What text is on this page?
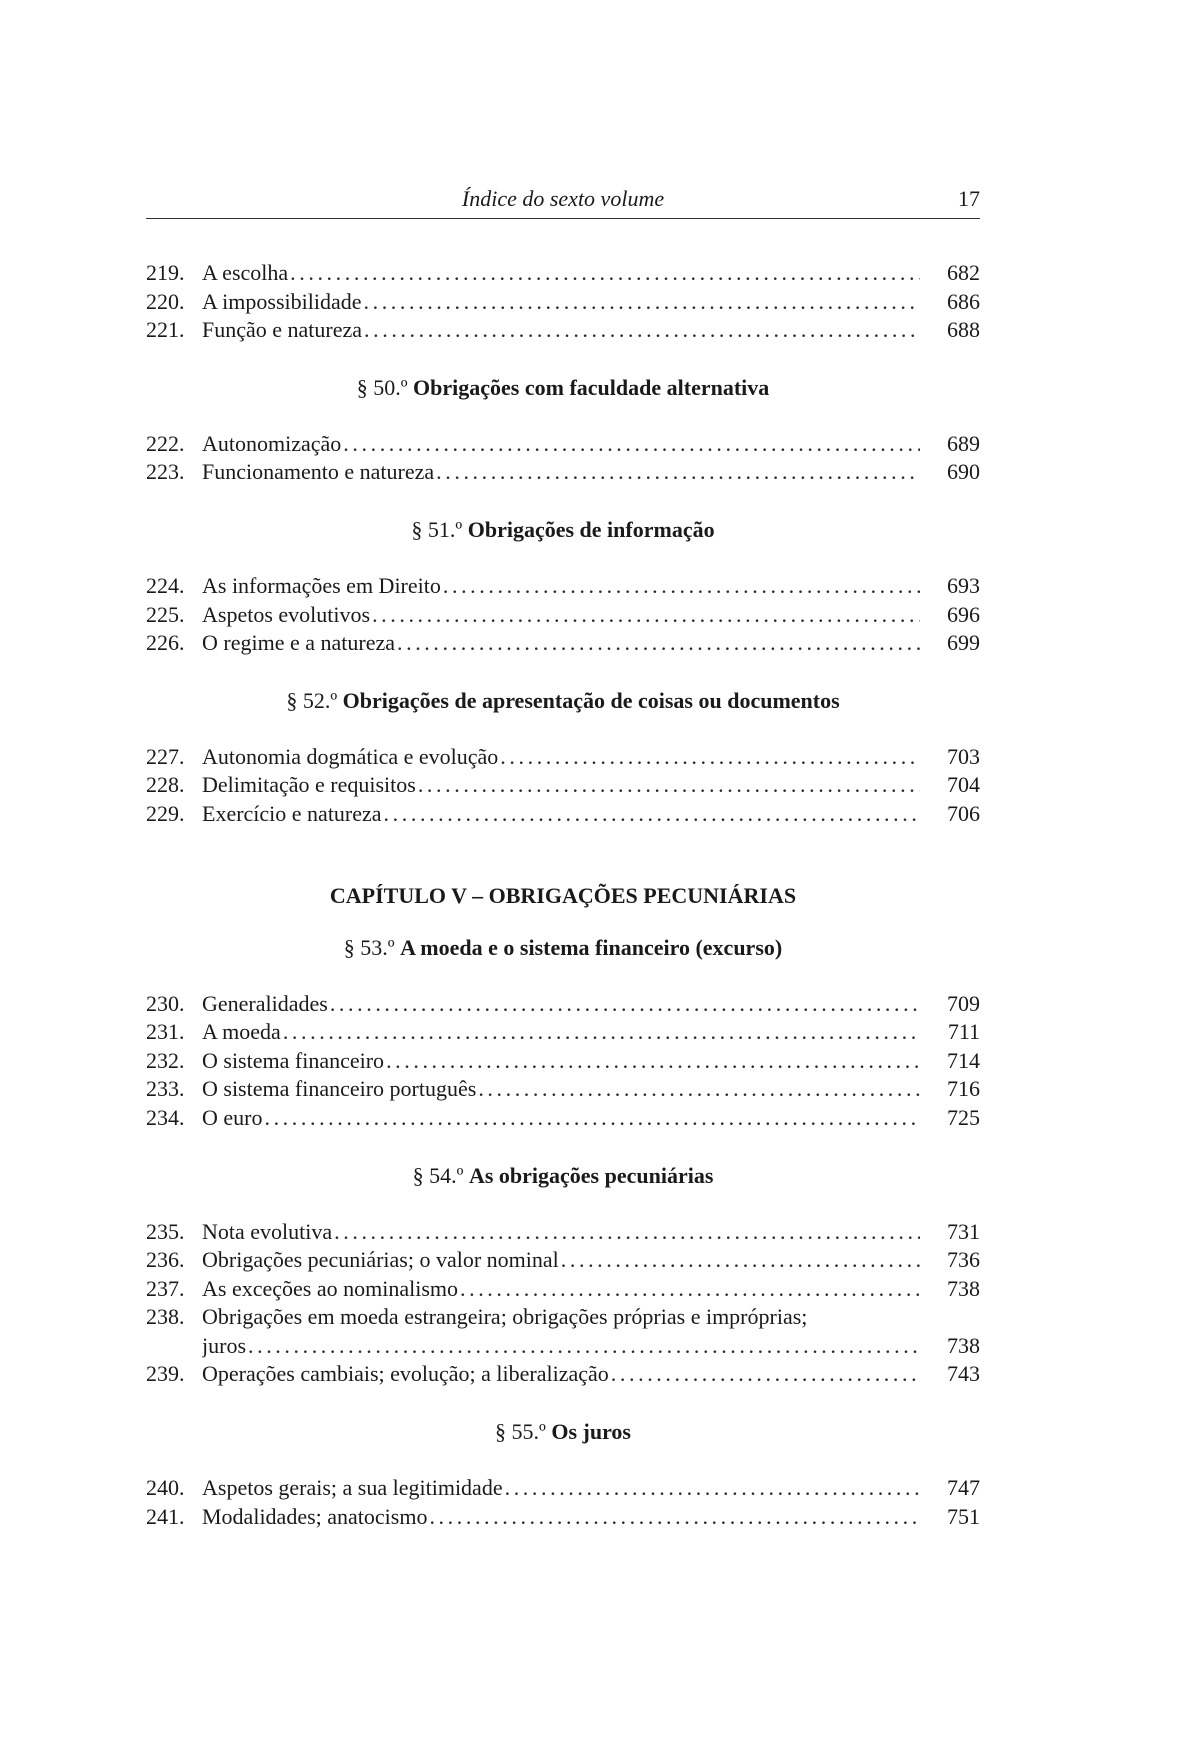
Índice do sexto volume	17
219. A escolha .....	682
220. A impossibilidade .....	686
221. Função e natureza .....	688
§ 50.º Obrigações com faculdade alternativa
222. Autonomização .....	689
223. Funcionamento e natureza .....	690
§ 51.º Obrigações de informação
224. As informações em Direito .....	693
225. Aspetos evolutivos .....	696
226. O regime e a natureza .....	699
§ 52.º Obrigações de apresentação de coisas ou documentos
227. Autonomia dogmática e evolução .....	703
228. Delimitação e requisitos .....	704
229. Exercício e natureza .....	706
CAPÍTULO V – OBRIGAÇÕES PECUNIÁRIAS
§ 53.º A moeda e o sistema financeiro (excurso)
230. Generalidades .....	709
231. A moeda .....	711
232. O sistema financeiro .....	714
233. O sistema financeiro português .....	716
234. O euro .....	725
§ 54.º As obrigações pecuniárias
235. Nota evolutiva .....	731
236. Obrigações pecuniárias; o valor nominal .....	736
237. As exceções ao nominalismo .....	738
238. Obrigações em moeda estrangeira; obrigações próprias e impróprias;
juros .....	738
239. Operações cambiais; evolução; a liberalização .....	743
§ 55.º Os juros
240. Aspetos gerais; a sua legitimidade .....	747
241. Modalidades; anatocismo .....	751
